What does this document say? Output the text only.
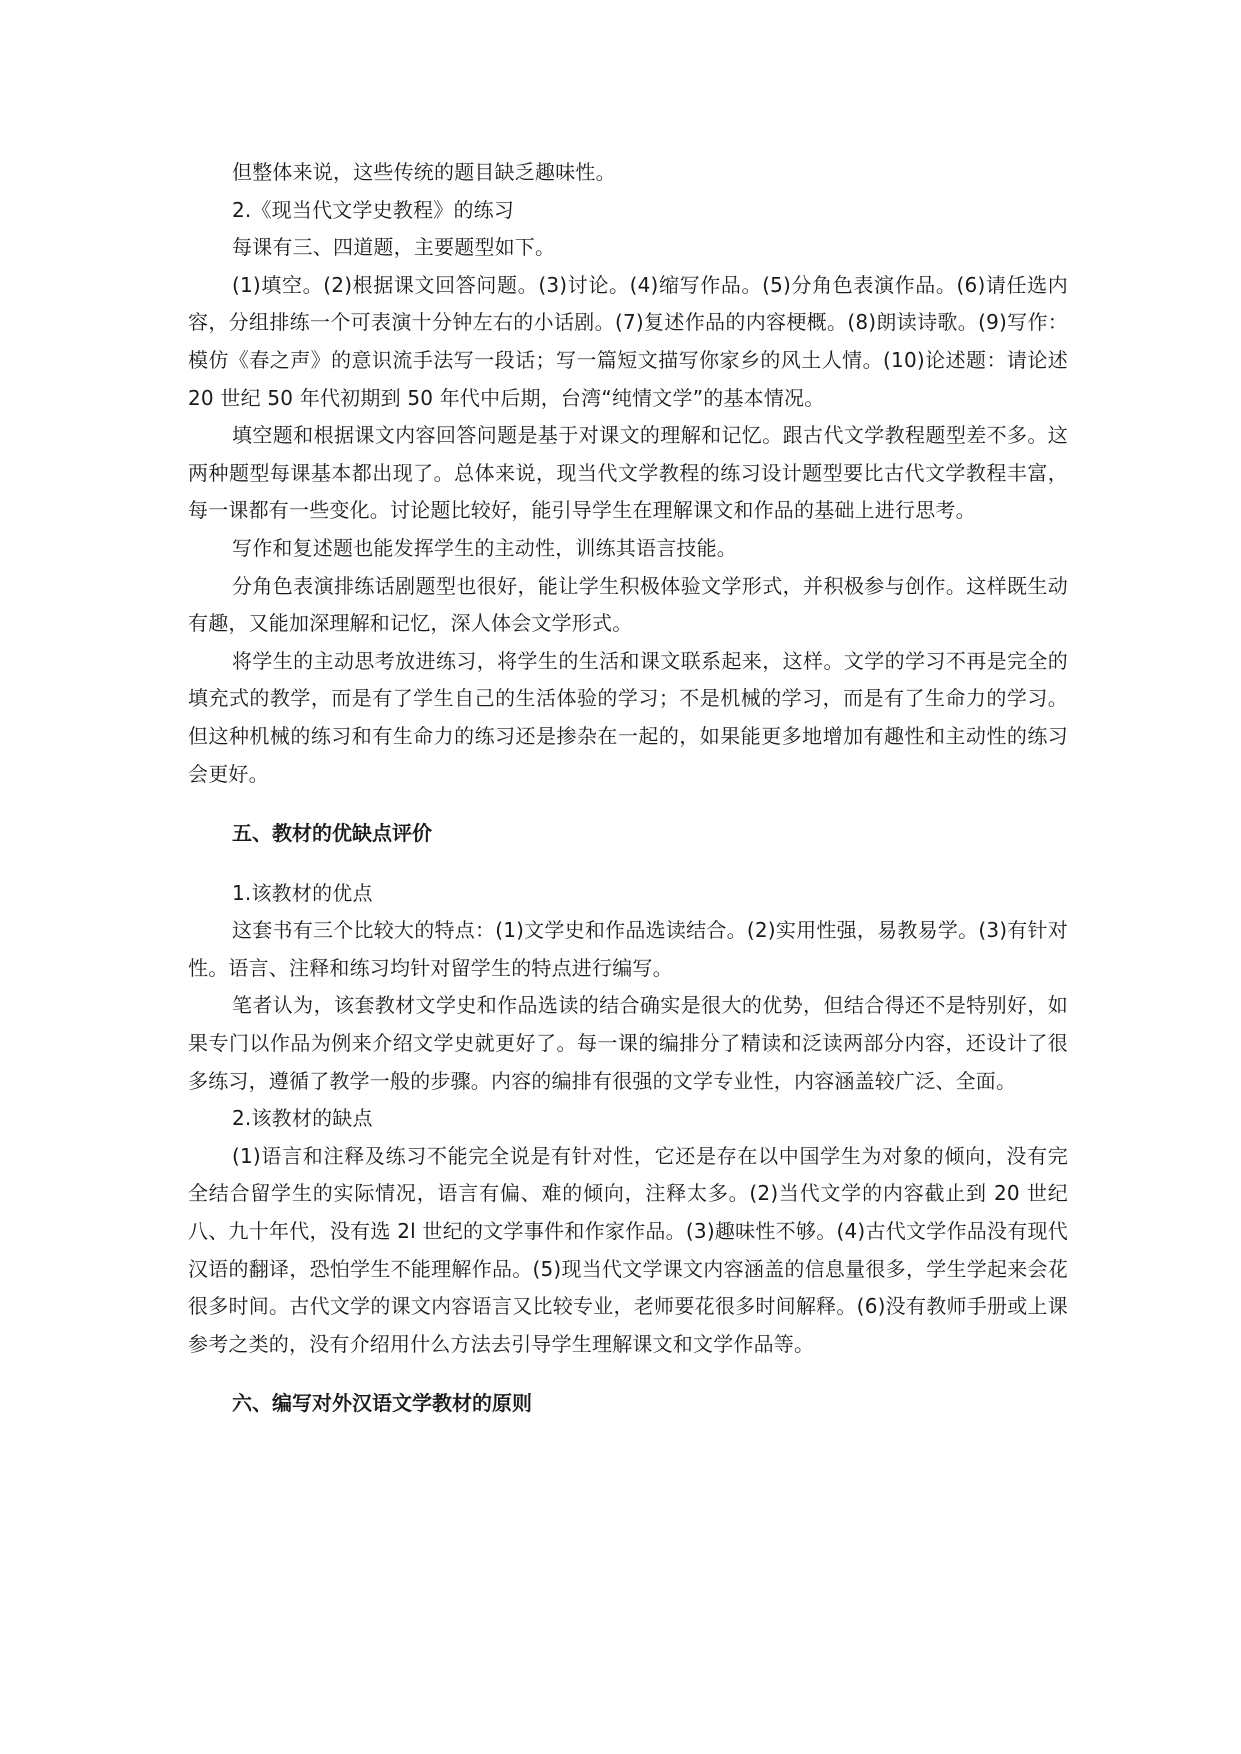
但整体来说，这些传统的题目缺乏趣味性。

2.《现当代文学史教程》的练习

每课有三、四道题，主要题型如下。

(1)填空。(2)根据课文回答问题。(3)讨论。(4)缩写作品。(5)分角色表演作品。(6)请任选内容，分组排练一个可表演十分钟左右的小话剧。(7)复述作品的内容梗概。(8)朗读诗歌。(9)写作：模仿《春之声》的意识流手法写一段话；写一篇短文描写你家乡的风土人情。(10)论述题：请论述 20 世纪 50 年代初期到 50 年代中后期，台湾“纯情文学”的基本情况。

填空题和根据课文内容回答问题是基于对课文的理解和记忆。跟古代文学教程题型差不多。这两种题型每课基本都出现了。总体来说，现当代文学教程的练习设计题型要比古代文学教程丰富，每一课都有一些变化。讨论题比较好，能引导学生在理解课文和作品的基础上进行思考。

写作和复述题也能发挥学生的主动性，训练其语言技能。

分角色表演排练话剧题型也很好，能让学生积极体验文学形式，并积极参与创作。这样既生动有趣，又能加深理解和记忆，深人体会文学形式。

将学生的主动思考放进练习，将学生的生活和课文联系起来，这样。文学的学习不再是完全的填充式的教学，而是有了学生自己的生活体验的学习；不是机械的学习，而是有了生命力的学习。但这种机械的练习和有生命力的练习还是掺杂在一起的，如果能更多地增加有趣性和主动性的练习会更好。

五、教材的优缺点评价

1.该教材的优点

这套书有三个比较大的特点：(1)文学史和作品选读结合。(2)实用性强，易教易学。(3)有针对性。语言、注释和练习均针对留学生的特点进行编写。

笔者认为，该套教材文学史和作品选读的结合确实是很大的优势，但结合得还不是特别好，如果专门以作品为例来介绍文学史就更好了。每一课的编排分了精读和泛读两部分内容，还设计了很多练习，遵循了教学一般的步骤。内容的编排有很强的文学专业性，内容涵盖较广泛、全面。

2.该教材的缺点

(1)语言和注释及练习不能完全说是有针对性，它还是存在以中国学生为对象的倾向，没有完全结合留学生的实际情况，语言有偏、难的倾向，注释太多。(2)当代文学的内容截止到 20 世纪八、九十年代，没有选 2l 世纪的文学事件和作家作品。(3)趣味性不够。(4)古代文学作品没有现代汉语的翻译，恐怕学生不能理解作品。(5)现当代文学课文内容涵盖的信息量很多，学生学起来会花很多时间。古代文学的课文内容语言又比较专业，老师要花很多时间解释。(6)没有教师手册或上课参考之类的，没有介绍用什么方法去引导学生理解课文和文学作品等。

六、编写对外汉语文学教材的原则
